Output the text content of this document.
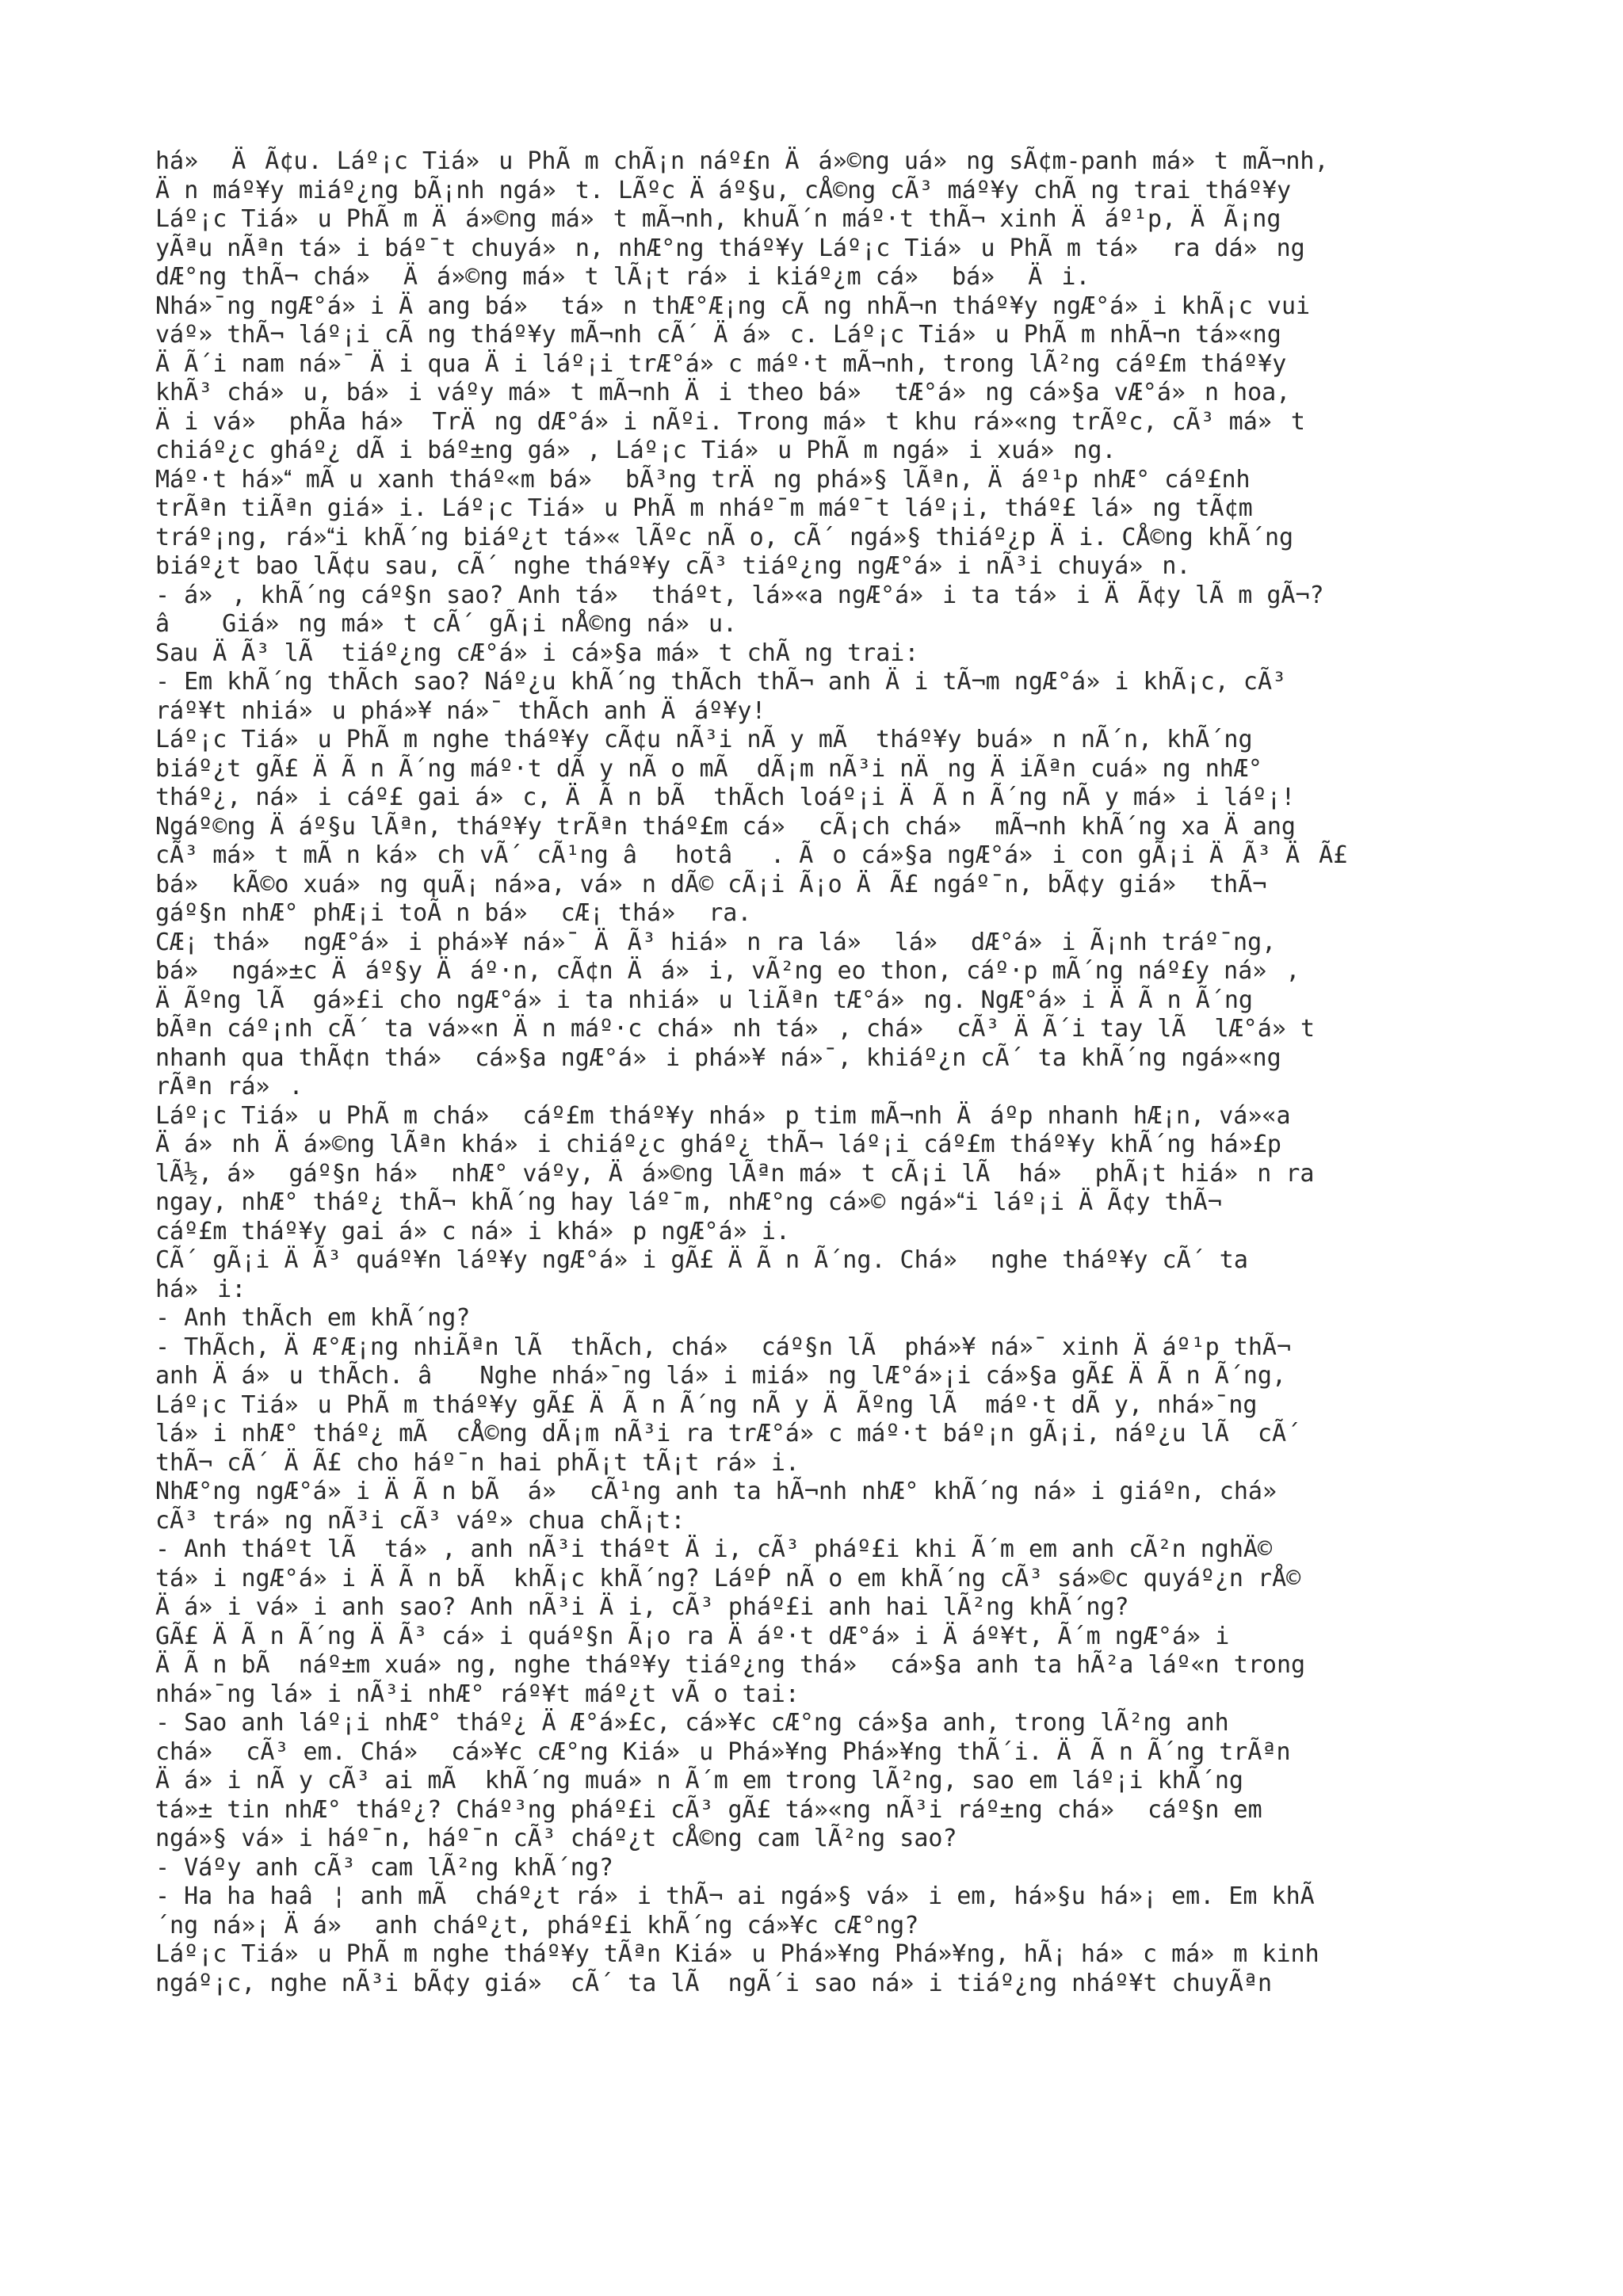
há» ÄÃ¢u. Láº¡c Tiá»u PhÃ m chÃ¡n náº£n Äá»©ng uá»ng sÃ¢m-panh má»t mÃ¬nh,
Än máº¥y miáº¿ng bÃ¡nh ngá»t. LÃºc Äáº§u, cÅ©ng cÃ³ máº¥y chÃ ng trai tháº¥y
Láº¡c Tiá»u PhÃ m Äá»©ng má»t mÃ¬nh, khuÃ´n máº·t thÃ¬ xinh Äáº¹p, ÄÃ¡ng
yÃªu nÃªn tá»i báº¯t chuyá»n, nhÆ°ng tháº¥y Láº¡c Tiá»u PhÃ m tá» ra dá»ng
dÆ°ng thÃ¬ chá» Äá»©ng má»t lÃ¡t rá»i kiáº¿m cá» bá» Äi.
Nhá»¯ng ngÆ°á»i Äang bá» tá»n thÆ°Æ¡ng cÃ ng nhÃ¬n tháº¥y ngÆ°á»i khÃ¡c vui
váº» thÃ¬ láº¡i cÃ ng tháº¥y mÃ¬nh cÃ´ Äá»c. Láº¡c Tiá»u PhÃ m nhÃ¬n tá»«ng
ÄÃ´i nam ná»¯ Äi qua Äi láº¡i trÆ°á»c máº·t mÃ¬nh, trong lÃ²ng cáº£m tháº¥y
khÃ³ chá»u, bá»i váºy má»t mÃ¬nh Äi theo bá» tÆ°á»ng cá»§a vÆ°á»n hoa,
Äi vá» phÃa há» TrÄng dÆ°á»i nÃºi. Trong má»t khu rá»«ng trÃºc, cÃ³ má»t
chiáº¿c gháº¿ dÃ i báº±ng gá», Láº¡c Tiá»u PhÃ m ngá»i xuá»ng.
Máº·t há» mÃ u xanh tháº«m bá» bÃ³ng trÄng phá»§ lÃªn, Äáº¹p nhÆ° cáº£nh
trÃªn tiÃªn giá»i. Láº¡c Tiá»u PhÃ m nháº¯m máº¯t láº¡i, tháº£ lá»ng tÃ¢m
tráº¡ng, rá»i khÃ´ng biáº¿t tá»« lÃºc nÃ o, cÃ´ ngá»§ thiáº¿p Äi. CÅ©ng khÃ´ng
biáº¿t bao lÃ¢u sau, cÃ´ nghe tháº¥y cÃ³ tiáº¿ng ngÆ°á»i nÃ³i chuyá»n.
- á», khÃ´ng cáº§n sao? Anh tá» tháºt, lá»«a ngÆ°á»i ta tá»i ÄÃ¢y lÃ m gÃ¬?
â Giá»ng má»t cÃ´ gÃ¡i nÅ©ng ná»u.
Sau ÄÃ³ lÃ  tiáº¿ng cÆ°á»i cá»§a má»t chÃ ng trai:
- Em khÃ´ng thÃch sao? Náº¿u khÃ´ng thÃch thÃ¬ anh Äi tÃ¬m ngÆ°á»i khÃ¡c, cÃ³
ráº¥t nhiá»u phá»¥ ná»¯ thÃch anh Äáº¥y!
Láº¡c Tiá»u PhÃ m nghe tháº¥y cÃ¢u nÃ³i nÃ y mÃ  tháº¥y buá»n nÃ´n, khÃ´ng
biáº¿t gÃ£ ÄÃ n Ã´ng máº·t dÃ y nÃ o mÃ  dÃ¡m nÃ³i nÄng ÄiÃªn cuá»ng nhÆ°
tháº¿, ná»i cáº£ gai á»c, ÄÃ n bÃ  thÃch loáº¡i ÄÃ n Ã´ng nÃ y má»i láº¡!
Ngáº©ng Äáº§u lÃªn, tháº¥y trÃªn tháº£m cá» cÃ¡ch chá» mÃ¬nh khÃ´ng xa Äang
cÃ³ má»t mÃ n ká»ch vÃ´ cÃ¹ng âhotâ. Ão cá»§a ngÆ°á»i con gÃ¡i ÄÃ³ ÄÃ£
bá» kÃ©o xuá»ng quÃ¡ ná»a, vá»n dÃ© cÃ¡i Ã¡o ÄÃ£ ngáº¯n, bÃ¢y giá» thÃ¬
gáº§n nhÆ° phÆ¡i toÃ n bá» cÆ¡ thá» ra.
CÆ¡ thá» ngÆ°á»i phá»¥ ná»¯ ÄÃ³ hiá»n ra lá» lá» dÆ°á»i Ã¡nh tráº¯ng,
bá» ngá»±c Äáº§y Äáº·n, cÃ¢n Äá»i, vÃ²ng eo thon, cáº·p mÃ´ng náº£y ná»,
ÄÃºng lÃ  gá»£i cho ngÆ°á»i ta nhiá»u liÃªn tÆ°á»ng. NgÆ°á»i ÄÃ n Ã´ng
bÃªn cáº¡nh cÃ´ ta vá»«n Än máº·c chá»nh tá», chá» cÃ³ ÄÃ´i tay lÃ  lÆ°á»t
nhanh qua thÃ¢n thá» cá»§a ngÆ°á»i phá»¥ ná»¯, khiáº¿n cÃ´ ta khÃ´ng ngá»«ng
rÃªn rá».
Láº¡c Tiá»u PhÃ m chá» cáº£m tháº¥y nhá»p tim mÃ¬nh Äáºp nhanh hÆ¡n, vá»«a
Äá»nh Äá»©ng lÃªn khá»i chiáº¿c gháº¿ thÃ¬ láº¡i cáº£m tháº¥y khÃ´ng há»£p
lÃ½, á» gáº§n há» nhÆ° váºy, Äá»©ng lÃªn má»t cÃ¡i lÃ  há» phÃ¡t hiá»n ra
ngay, nhÆ° tháº¿ thÃ¬ khÃ´ng hay láº¯m, nhÆ°ng cá»© ngá»i láº¡i ÄÃ¢y thÃ¬
cáº£m tháº¥y gai á»c ná»i khá»p ngÆ°á»i.
CÃ´ gÃ¡i ÄÃ³ quáº¥n láº¥y ngÆ°á»i gÃ£ ÄÃ n Ã´ng. Chá» nghe tháº¥y cÃ´ ta
há»i:
- Anh thÃch em khÃ´ng?
- ThÃch, ÄÆ°Æ¡ng nhiÃªn lÃ  thÃch, chá» cáº§n lÃ  phá»¥ ná»¯ xinh Äáº¹p thÃ¬
anh Äá»u thÃch. â Nghe nhá»¯ng lá»i miá»ng lÆ°á»¡i cá»§a gÃ£ ÄÃ n Ã´ng,
Láº¡c Tiá»u PhÃ m tháº¥y gÃ£ ÄÃ n Ã´ng nÃ y ÄÃºng lÃ  máº·t dÃ y, nhá»¯ng
lá»i nhÆ° tháº¿ mÃ  cÅ©ng dÃ¡m nÃ³i ra trÆ°á»c máº·t báº¡n gÃ¡i, náº¿u lÃ  cÃ´
thÃ¬ cÃ´ ÄÃ£ cho háº¯n hai phÃ¡t tÃ¡t rá»i.
NhÆ°ng ngÆ°á»i ÄÃ n bÃ  á» cÃ¹ng anh ta hÃ¬nh nhÆ° khÃ´ng ná»i giáºn, chá»
cÃ³ trá»ng nÃ³i cÃ³ váº» chua chÃ¡t:
- Anh tháºt lÃ  tá», anh nÃ³i tháºt Äi, cÃ³ pháº£i khi Ã´m em anh cÃ²n nghÄ©
tá»i ngÆ°á»i ÄÃ n bÃ  khÃ¡c khÃ´ng? LáºṔ nÃ o em khÃ´ng cÃ³ sá»©c quyáº¿n rÅ©
Äá»i vá»i anh sao? Anh nÃ³i Äi, cÃ³ pháº£i anh hai lÃ²ng khÃ´ng?
GÃ£ ÄÃ n Ã´ng ÄÃ³ cá»i quáº§n Ã¡o ra Äáº·t dÆ°á»i Äáº¥t, Ã´m ngÆ°á»i
ÄÃ n bÃ  náº±m xuá»ng, nghe tháº¥y tiáº¿ng thá» cá»§a anh ta hÃ²a láº«n trong
nhá»¯ng lá»i nÃ³i nhÆ° ráº¥t máº¿t vÃ o tai:
- Sao anh láº¡i nhÆ° tháº¿ ÄÆ°á»£c, cá»¥c cÆ°ng cá»§a anh, trong lÃ²ng anh
chá» cÃ³ em. Chá» cá»¥c cÆ°ng Kiá»u Phá»¥ng Phá»¥ng thÃ´i. ÄÃ n Ã´ng trÃªn
Äá»i nÃ y cÃ³ ai mÃ  khÃ´ng muá»n Ã´m em trong lÃ²ng, sao em láº¡i khÃ´ng
tá»± tin nhÆ° tháº¿? Cháº³ng pháº£i cÃ³ gÃ£ tá»«ng nÃ³i ráº±ng chá» cáº§n em
ngá»§ vá»i háº¯n, háº¯n cÃ³ cháº¿t cÅ©ng cam lÃ²ng sao?
- Váºy anh cÃ³ cam lÃ²ng khÃ´ng?
- Ha ha haâ¦ anh mÃ  cháº¿t rá»i thÃ¬ ai ngá»§ vá»i em, há»§u há»¡ em. Em khÃ
´ng ná»¡ Äá» anh cháº¿t, pháº£i khÃ´ng cá»¥c cÆ°ng?
Láº¡c Tiá»u PhÃ m nghe tháº¥y tÃªn Kiá»u Phá»¥ng Phá»¥ng, hÃ¡ há»c má»m kinh
ngáº¡c, nghe nÃ³i bÃ¢y giá» cÃ´ ta lÃ  ngÃ´i sao ná»i tiáº¿ng nháº¥t chuyÃªn
